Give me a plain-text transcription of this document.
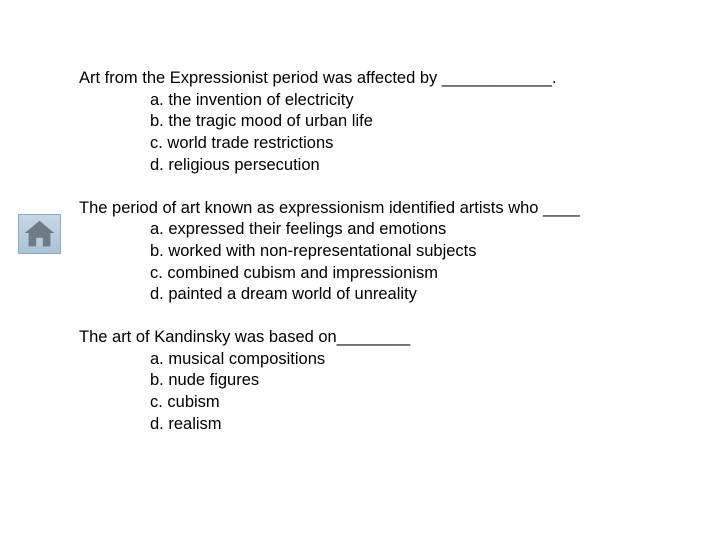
Art from the Expressionist period was affected by ____________.
a. the invention of electricity
b. the tragic mood of urban life
c. world trade restrictions
d. religious persecution
The period of art known as expressionism identified artists who ____
a. expressed their feelings and emotions
b. worked with non-representational subjects
c. combined cubism and impressionism
d. painted a dream world of unreality
The art of Kandinsky was based on________
a. musical compositions
b. nude figures
c. cubism
d. realism
